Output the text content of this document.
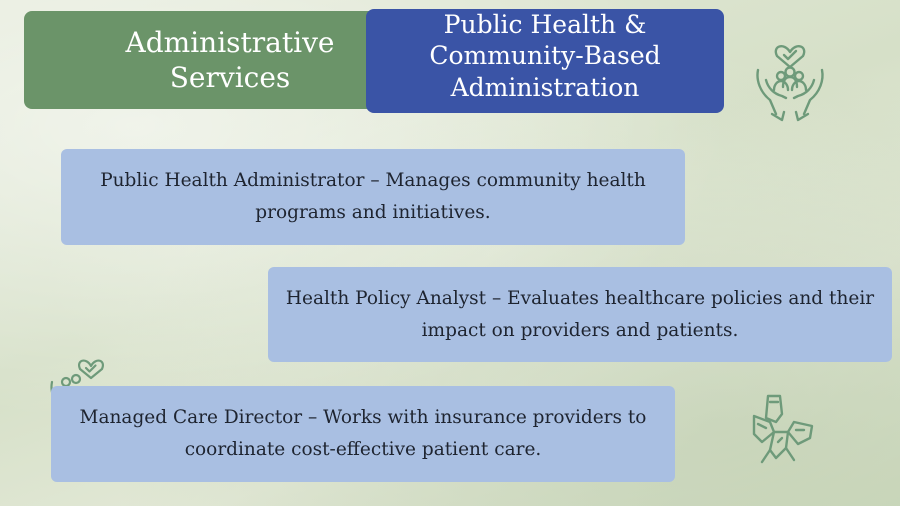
Administrative Services
Public Health & Community-Based Administration
Public Health Administrator – Manages community health programs and initiatives.
Health Policy Analyst – Evaluates healthcare policies and their impact on providers and patients.
Managed Care Director – Works with insurance providers to coordinate cost-effective patient care.
